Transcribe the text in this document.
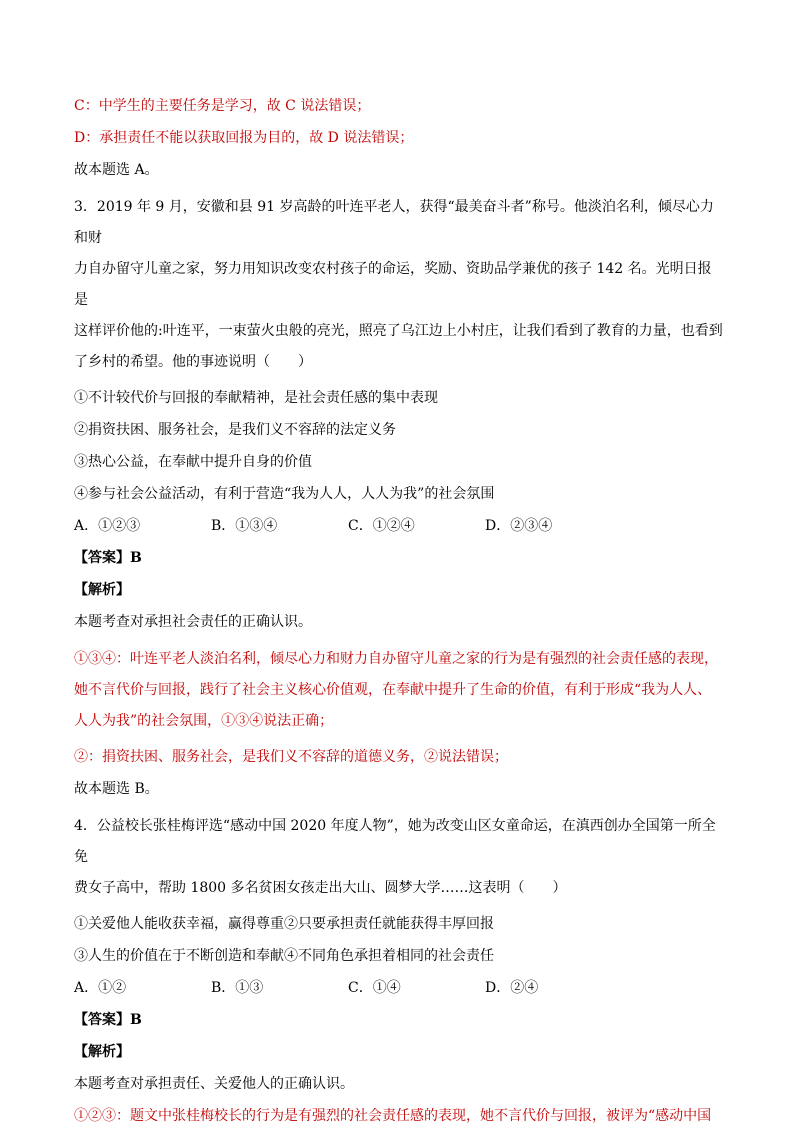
C：中学生的主要任务是学习，故 C 说法错误；
D：承担责任不能以获取回报为目的，故 D 说法错误；
故本题选 A。
3．2019 年 9 月，安徽和县 91 岁高龄的叶连平老人，获得“最美奋斗者”称号。他淡泊名利，倾尽心力和财
力自办留守儿童之家，努力用知识改变农村孩子的命运，奖励、资助品学兼优的孩子 142 名。光明日报是
这样评价他的:叶连平，一束萤火虫般的亮光，照亮了乌江边上小村庄，让我们看到了教育的力量，也看到
了乡村的希望。他的事迹说明（　　）
①不计较代价与回报的奉献精神，是社会责任感的集中表现
②捐资扶困、服务社会，是我们义不容辞的法定义务
③热心公益，在奉献中提升自身的价值
④参与社会公益活动，有利于营造“我为人人，人人为我”的社会氛围
A．①②③	B．①③④	C．①②④	D．②③④
【答案】B
【解析】
本题考查对承担社会责任的正确认识。
①③④：叶连平老人淡泊名利，倾尽心力和财力自办留守儿童之家的行为是有强烈的社会责任感的表现，
她不言代价与回报，践行了社会主义核心价值观，在奉献中提升了生命的价值，有利于形成“我为人人、
人人为我”的社会氛围，①③④说法正确；
②：捐资扶困、服务社会，是我们义不容辞的道德义务，②说法错误；
故本题选 B。
4．公益校长张桂梅评选“感动中国 2020 年度人物”，她为改变山区女童命运，在滇西创办全国第一所全免
费女子高中，帮助 1800 多名贫困女孩走出大山、圆梦大学……这表明（　　）
①关爱他人能收获幸福，赢得尊重②只要承担责任就能获得丰厚回报
③人生的价值在于不断创造和奉献④不同角色承担着相同的社会责任
A．①②	B．①③	C．①④	D．②④
【答案】B
【解析】
本题考查对承担责任、关爱他人的正确认识。
①②③：题文中张桂梅校长的行为是有强烈的社会责任感的表现，她不言代价与回报，被评为“感动中国
